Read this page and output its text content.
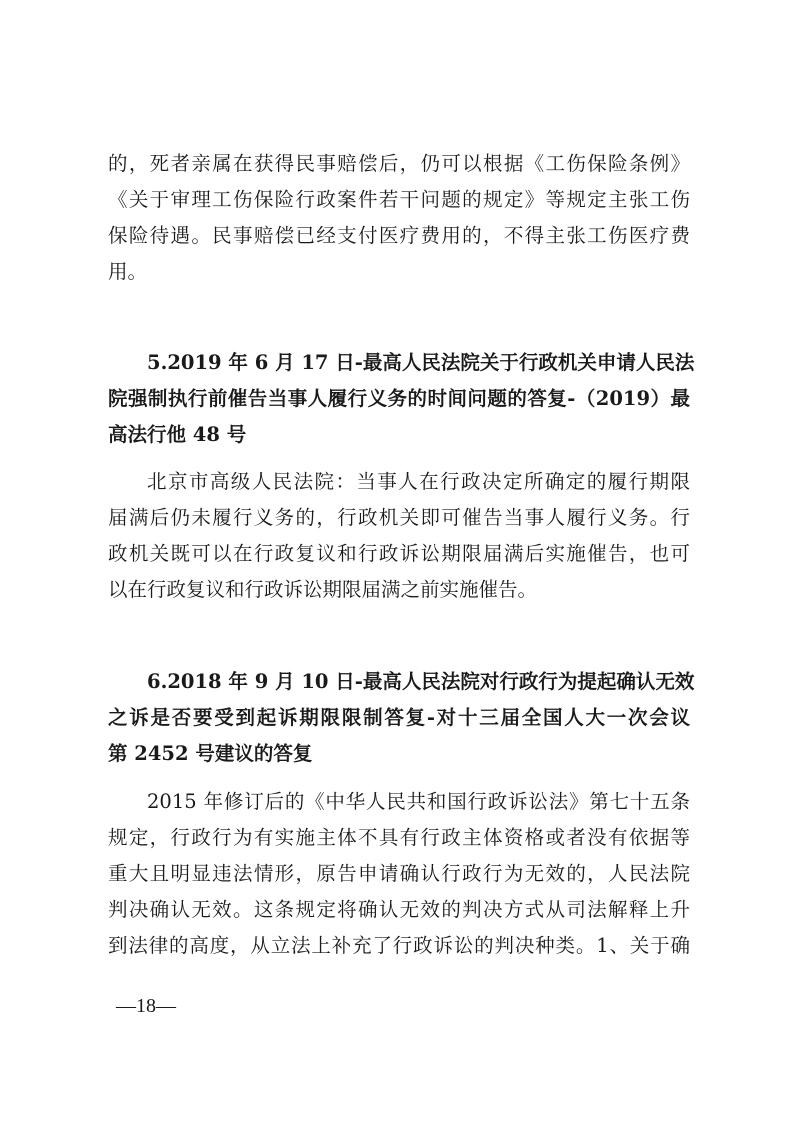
的，死者亲属在获得民事赔偿后，仍可以根据《工伤保险条例》
《关于审理工伤保险行政案件若干问题的规定》等规定主张工伤
保险待遇。民事赔偿已经支付医疗费用的，不得主张工伤医疗费
用。
5.2019 年 6 月 17 日-最高人民法院关于行政机关申请人民法
院强制执行前催告当事人履行义务的时间问题的答复-（2019）最
高法行他 48 号
北京市高级人民法院：当事人在行政决定所确定的履行期限
届满后仍未履行义务的，行政机关即可催告当事人履行义务。行
政机关既可以在行政复议和行政诉讼期限届满后实施催告，也可
以在行政复议和行政诉讼期限届满之前实施催告。
6.2018 年 9 月 10 日-最高人民法院对行政行为提起确认无效
之诉是否要受到起诉期限限制答复-对十三届全国人大一次会议
第 2452 号建议的答复
2015 年修订后的《中华人民共和国行政诉讼法》第七十五条
规定，行政行为有实施主体不具有行政主体资格或者没有依据等
重大且明显违法情形，原告申请确认行政行为无效的，人民法院
判决确认无效。这条规定将确认无效的判决方式从司法解释上升
到法律的高度，从立法上补充了行政诉讼的判决种类。1、关于确
—18—
